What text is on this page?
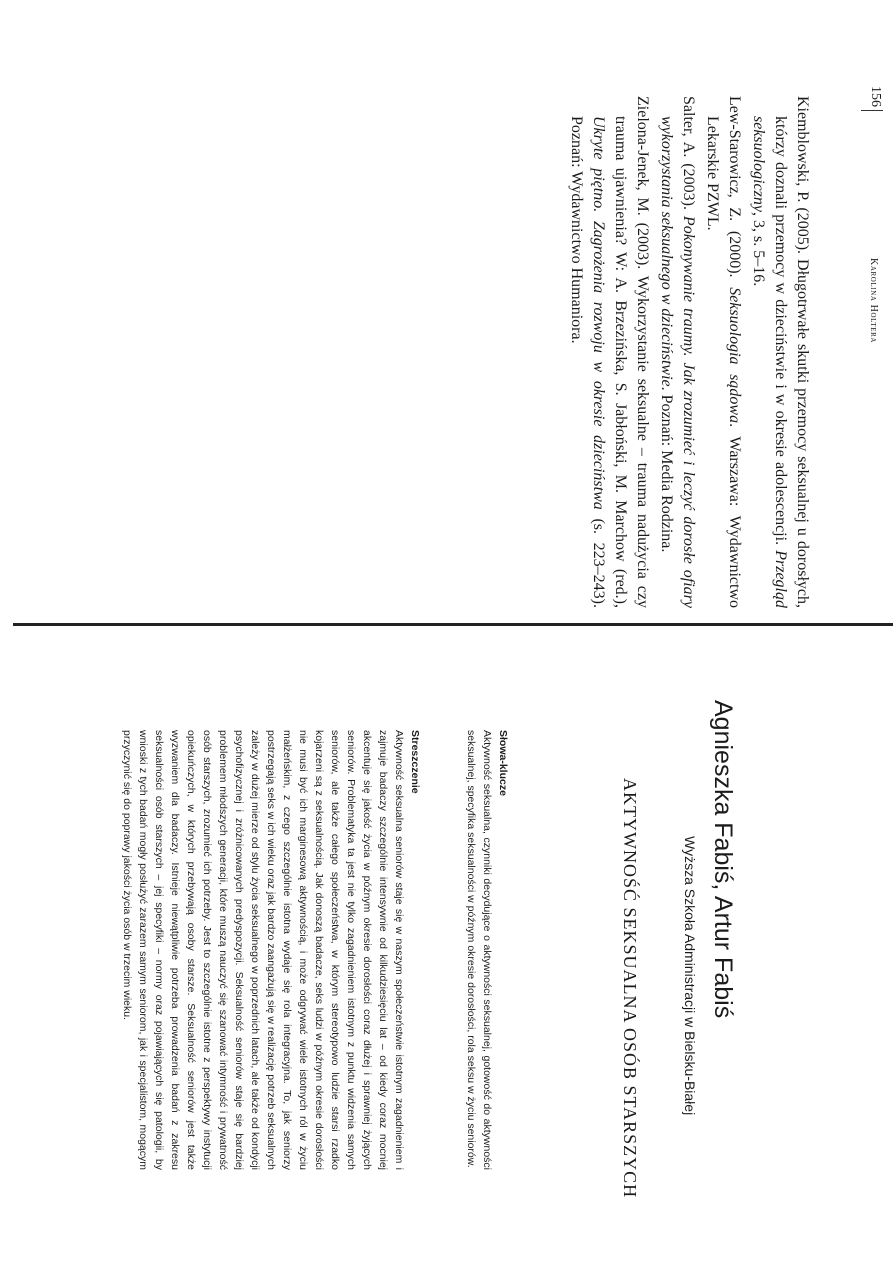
156
Karolina Holtera

Kiemblowski, P. (2005). Długotrwałe skutki przemocy seksualnej u dorosłych, którzy doznali przemocy w dzieciństwie i w okresie adolescencji. Przegląd seksuologiczny, 3, s. 5–16.

Lew-Starowicz, Z. (2000). Seksuologia sądowa. Warszawa: Wydawnictwo Lekarskie PZWL.

Salter, A. (2003). Pokonywanie traumy. Jak zrozumieć i leczyć dorosłe ofiary wykorzystania seksualnego w dzieciństwie. Poznań: Media Rodzina.

Zielona-Jenek, M. (2003). Wykorzystanie seksualne – trauma nadużycia czy trauma ujawnienia? W: A. Brzezińska, S. Jabłoński, M. Marchow (red.), Ukryte piętno. Zagrożenia rozwoju w okresie dzieciństwa (s. 223–243). Poznań: Wydawnictwo Humaniora.

Agnieszka Fabiś, Artur Fabiś
Wyższa Szkoła Administracji w Bielsku-Białej
AKTYWNOŚĆ SEKSUALNA OSÓB STARSZYCH

Słowa-klucze

Aktywność seksualna, czynniki decydujące o aktywności seksualnej, gotowość do aktywności seksualnej, specyfika seksualności w późnym okresie dorosłości, rola seksu w życiu seniorów.

Streszczenie

Aktywność seksualna seniorów staje się w naszym społeczeństwie istotnym zagadnieniem i zajmuje badaczy szczególnie intensywnie od kilkudziesięciu lat – od kiedy coraz mocniej akcentuje się jakość życia w późnym okresie dorosłości coraz dłużej i sprawniej żyjących seniorów. Problematyka ta jest nie tylko zagadnieniem istotnym z punktu widzenia samych seniorów, ale także całego społeczeństwa, w którym stereotypowo ludzie starsi rzadko kojarzeni są z seksualnością. Jak donoszą badacze, seks ludzi w późnym okresie dorosłości nie musi być ich marginesową aktywnością, i może odgrywać wiele istotnych ról w życiu małżeńskim, z czego szczególnie istotna wydaje się rola integracyjna. To, jak seniorzy postrzegają seks w ich wieku oraz jak bardzo zaangażują się w realizację potrzeb seksualnych zależy w dużej mierze od stylu życia seksualnego w poprzednich latach, ale także od kondycji psychofizycznej i zróżnicowanych predyspozycji. Seksualność seniorów staje się bardziej problemem młodszych generacji, które muszą nauczyć się szanować intymność i prywatność osób starszych, zrozumieć ich potrzeby. Jest to szczególnie istotne z perspektywy instytucji opiekuńczych, w których przebywają osoby starsze. Seksualność seniorów jest także wyzwaniem dla badaczy. Istnieje niewątpliwie potrzeba prowadzenia badań z zakresu seksualności osób starszych – jej specyfiki – normy oraz pojawiających się patologii, by wnioski z tych badań mogły posłużyć zarazem samym seniorom, jak i specjalistom, mogącym przyczynić się do poprawy jakości życia osób w trzecim wieku.
